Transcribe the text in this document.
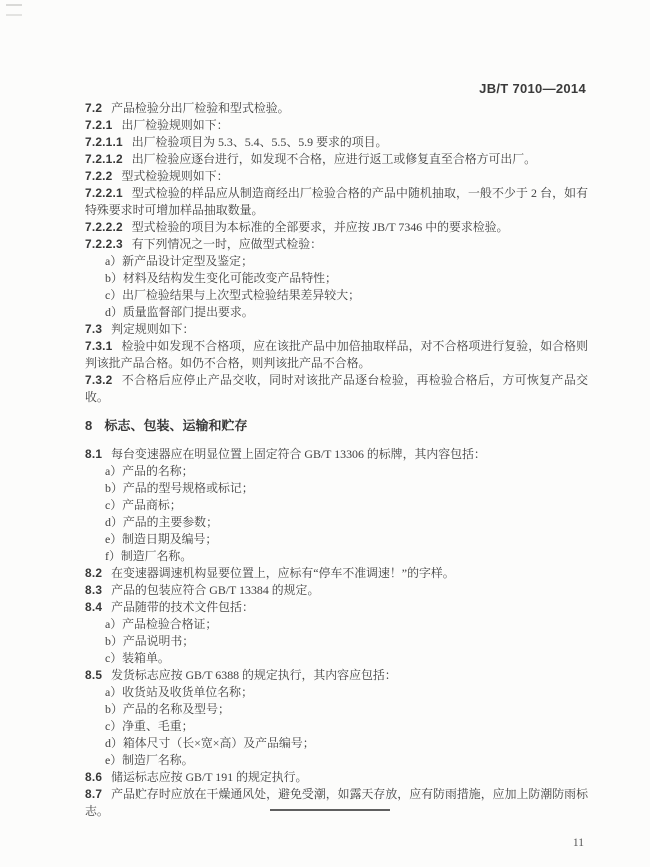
JB/T 7010—2014

7.2 产品检验分出厂检验和型式检验。

7.2.1 出厂检验规则如下：

7.2.1.1 出厂检验项目为 5.3、5.4、5.5、5.9 要求的项目。

7.2.1.2 出厂检验应逐台进行，如发现不合格，应进行返工或修复直至合格方可出厂。

7.2.2 型式检验规则如下：

7.2.2.1 型式检验的样品应从制造商经出厂检验合格的产品中随机抽取，一般不少于 2 台，如有特殊要求时可增加样品抽取数量。

7.2.2.2 型式检验的项目为本标准的全部要求，并应按 JB/T 7346 中的要求检验。

7.2.2.3 有下列情况之一时，应做型式检验：

a）新产品设计定型及鉴定；

b）材料及结构发生变化可能改变产品特性；

c）出厂检验结果与上次型式检验结果差异较大；

d）质量监督部门提出要求。

7.3 判定规则如下：

7.3.1 检验中如发现不合格项，应在该批产品中加倍抽取样品，对不合格项进行复验，如合格则判该批产品合格。如仍不合格，则判该批产品不合格。

7.3.2 不合格后应停止产品交收，同时对该批产品逐台检验，再检验合格后，方可恢复产品交收。

8 标志、包装、运输和贮存

8.1 每台变速器应在明显位置上固定符合 GB/T 13306 的标牌，其内容包括：

a）产品的名称；

b）产品的型号规格或标记；

c）产品商标；

d）产品的主要参数；

e）制造日期及编号；

f）制造厂名称。

8.2 在变速器调速机构显要位置上，应标有“停车不准调速！”的字样。

8.3 产品的包装应符合 GB/T 13384 的规定。

8.4 产品随带的技术文件包括：

a）产品检验合格证；

b）产品说明书；

c）装箱单。

8.5 发货标志应按 GB/T 6388 的规定执行，其内容应包括：

a）收货站及收货单位名称；

b）产品的名称及型号；

c）净重、毛重；

d）箱体尺寸（长×宽×高）及产品编号；

e）制造厂名称。

8.6 储运标志应按 GB/T 191 的规定执行。

8.7 产品贮存时应放在干燥通风处，避免受潮，如露天存放，应有防雨措施，应加上防潮防雨标志。

11
